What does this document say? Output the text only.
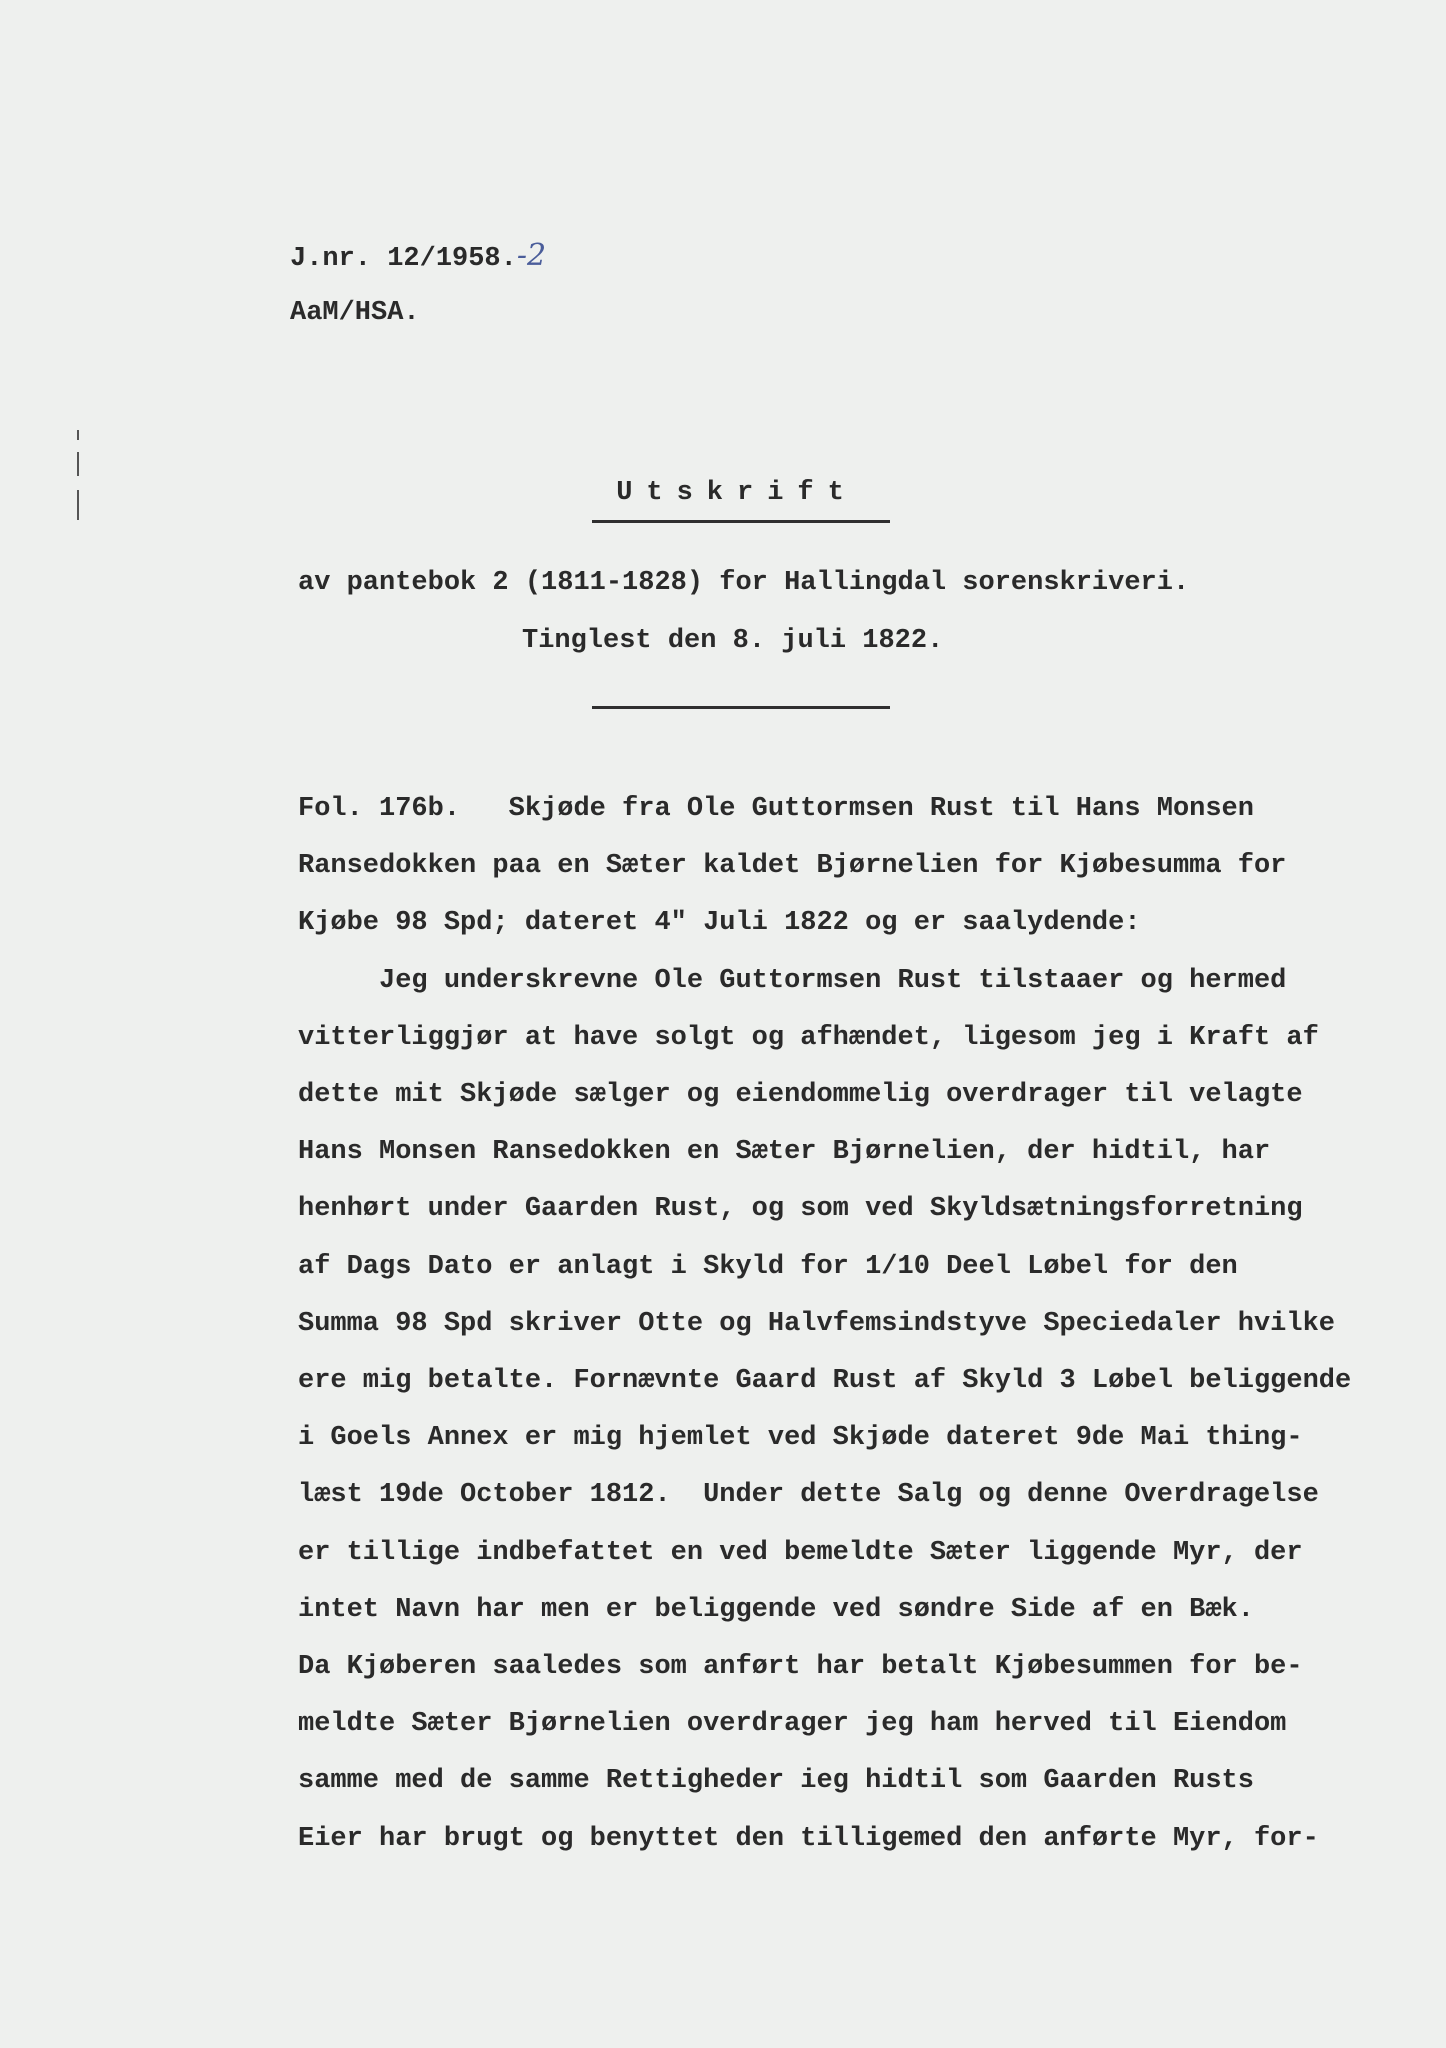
J.nr. 12/1958.-2
AaM/HSA.
Utskrift
av pantebok 2 (1811-1828) for Hallingdal sorenskriveri.
Tinglest den 8. juli 1822.
Fol. 176b.   Skjøde fra Ole Guttormsen Rust til Hans Monsen
Ransedokken paa en Sæter kaldet Bjørnelien for Kjøbesumma for
Kjøbe 98 Spd; dateret 4" Juli 1822 og er saalydende:
Jeg underskrevne Ole Guttormsen Rust tilstaaer og hermed
vitterliggjør at have solgt og afhændet, ligesom jeg i Kraft af
dette mit Skjøde sælger og eiendommelig overdrager til velagte
Hans Monsen Ransedokken en Sæter Bjørnelien, der hidtil, har
henhørt under Gaarden Rust, og som ved Skyldsætningsforretning
af Dags Dato er anlagt i Skyld for 1/10 Deel Løbel for den
Summa 98 Spd skriver Otte og Halvfemsindstyve Speciedaler hvilke
ere mig betalte. Fornævnte Gaard Rust af Skyld 3 Løbel beliggende
i Goels Annex er mig hjemlet ved Skjøde dateret 9de Mai thing-
læst 19de October 1812.  Under dette Salg og denne Overdragelse
er tillige indbefattet en ved bemeldte Sæter liggende Myr, der
intet Navn har men er beliggende ved søndre Side af en Bæk.
Da Kjøberen saaledes som anført har betalt Kjøbesummen for be-
meldte Sæter Bjørnelien overdrager jeg ham herved til Eiendom
samme med de samme Rettigheder ieg hidtil som Gaarden Rusts
Eier har brugt og benyttet den tilligemed den anførte Myr, for-
